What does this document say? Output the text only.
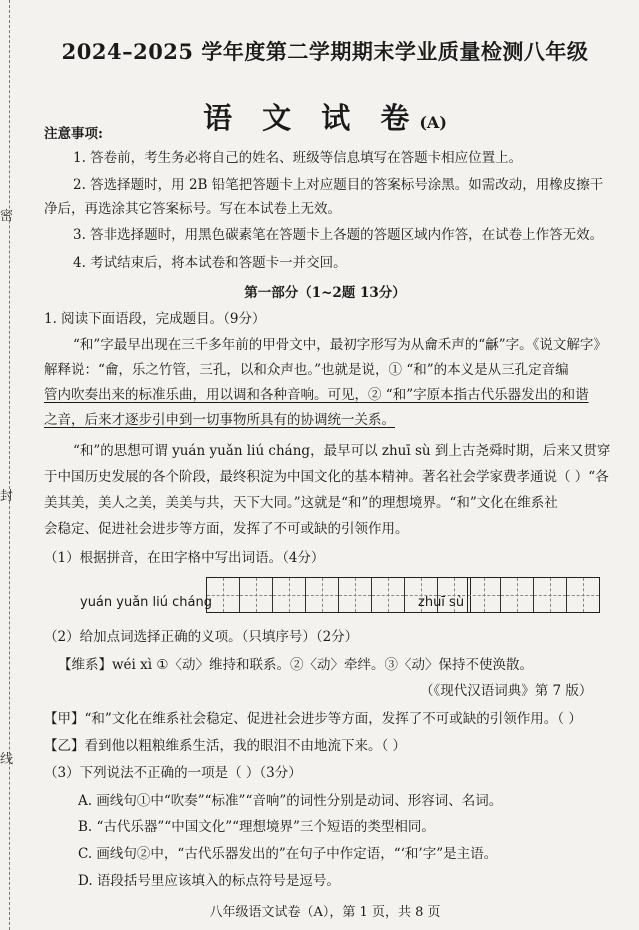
密
封
线
2024–2025 学年度第二学期期末学业质量检测八年级
语 文 试 卷(A)
注意事项:
1. 答卷前，考生务必将自己的姓名、班级等信息填写在答题卡相应位置上。
2. 答选择题时，用 2B 铅笔把答题卡上对应题目的答案标号涂黑。如需改动，用橡皮擦干
净后，再选涂其它答案标号。写在本试卷上无效。
3. 答非选择题时，用黑色碳素笔在答题卡上各题的答题区域内作答，在试卷上作答无效。
4. 考试结束后，将本试卷和答题卡一并交回。
第一部分（1~2题 13分）
1. 阅读下面语段，完成题目。（9分）
“和”字最早出现在三千多年前的甲骨文中，最初字形写为从龠禾声的“龢”字。《说文解字》
解释说：“龠，乐之竹管，三孔，以和众声也。”也就是说，① “和”的本义是从三孔定音编
管内吹奏出来的标准乐曲，用以调和各种音响。可见，② “和”字原本指古代乐器发出的和谐
之音，后来才逐步引申到一切事物所具有的协调统一关系。
“和”的思想可谓 yuán yuǎn liú cháng，最早可以 zhuī sù 到上古尧舜时期，后来又贯穿
于中国历史发展的各个阶段，最终积淀为中国文化的基本精神。著名社会学家费孝通说（ ）“各
美其美，美人之美，美美与共，天下大同。”这就是“和”的理想境界。“和”文化在维系社
会稳定、促进社会进步等方面，发挥了不可或缺的引领作用。
（1）根据拼音，在田字格中写出词语。（4分）
yuán yuǎn liú cháng	zhuī sù
（2）给加点词选择正确的义项。（只填序号）（2分）
【维系】wéi xì ①〈动〉维持和联系。②〈动〉牵绊。③〈动〉保持不使涣散。
（《现代汉语词典》第 7 版）
【甲】“和”文化在维系社会稳定、促进社会进步等方面，发挥了不可或缺的引领作用。（ ）
【乙】看到他以粗粮维系生活，我的眼泪不由地流下来。（ ）
（3）下列说法不正确的一项是（ ）（3分）
A. 画线句①中“吹奏”“标准”“音响”的词性分别是动词、形容词、名词。
B. “古代乐器”“中国文化”“理想境界”三个短语的类型相同。
C. 画线句②中，“古代乐器发出的”在句子中作定语，“‘和’字”是主语。
D. 语段括号里应该填入的标点符号是逗号。
八年级语文试卷（A），第 1 页，共 8 页
